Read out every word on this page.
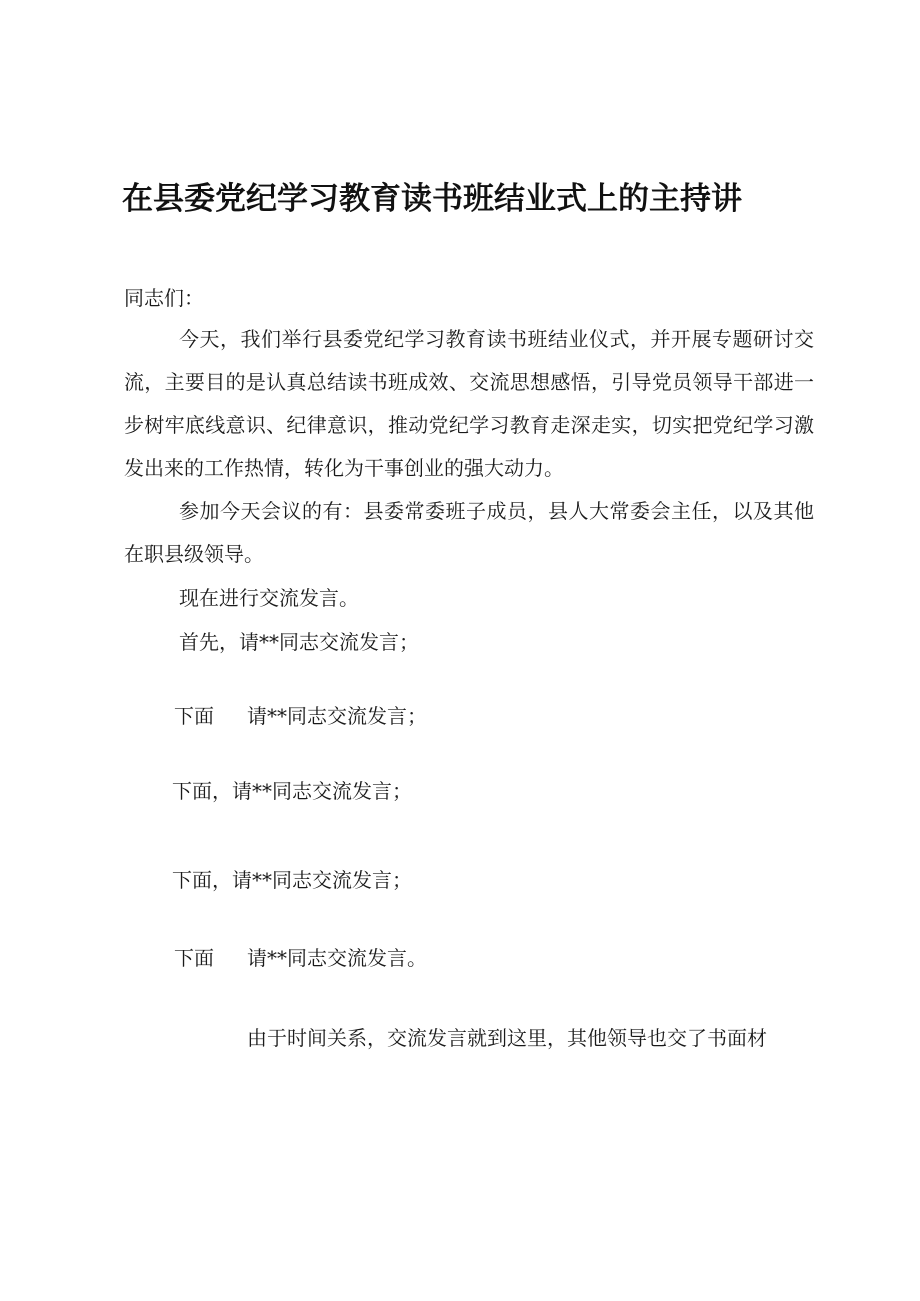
在县委党纪学习教育读书班结业式上的主持讲
同志们：
今天，我们举行县委党纪学习教育读书班结业仪式，并开展专题研讨交流，主要目的是认真总结读书班成效、交流思想感悟，引导党员领导干部进一步树牢底线意识、纪律意识，推动党纪学习教育走深走实，切实把党纪学习激发出来的工作热情，转化为干事创业的强大动力。
参加今天会议的有：县委常委班子成员，县人大常委会主任，以及其他在职县级领导。
现在进行交流发言。
首先，请**同志交流发言；
下面 请**同志交流发言；
下面，请**同志交流发言；
下面，请**同志交流发言；
下面 请**同志交流发言。
由于时间关系，交流发言就到这里，其他领导也交了书面材
